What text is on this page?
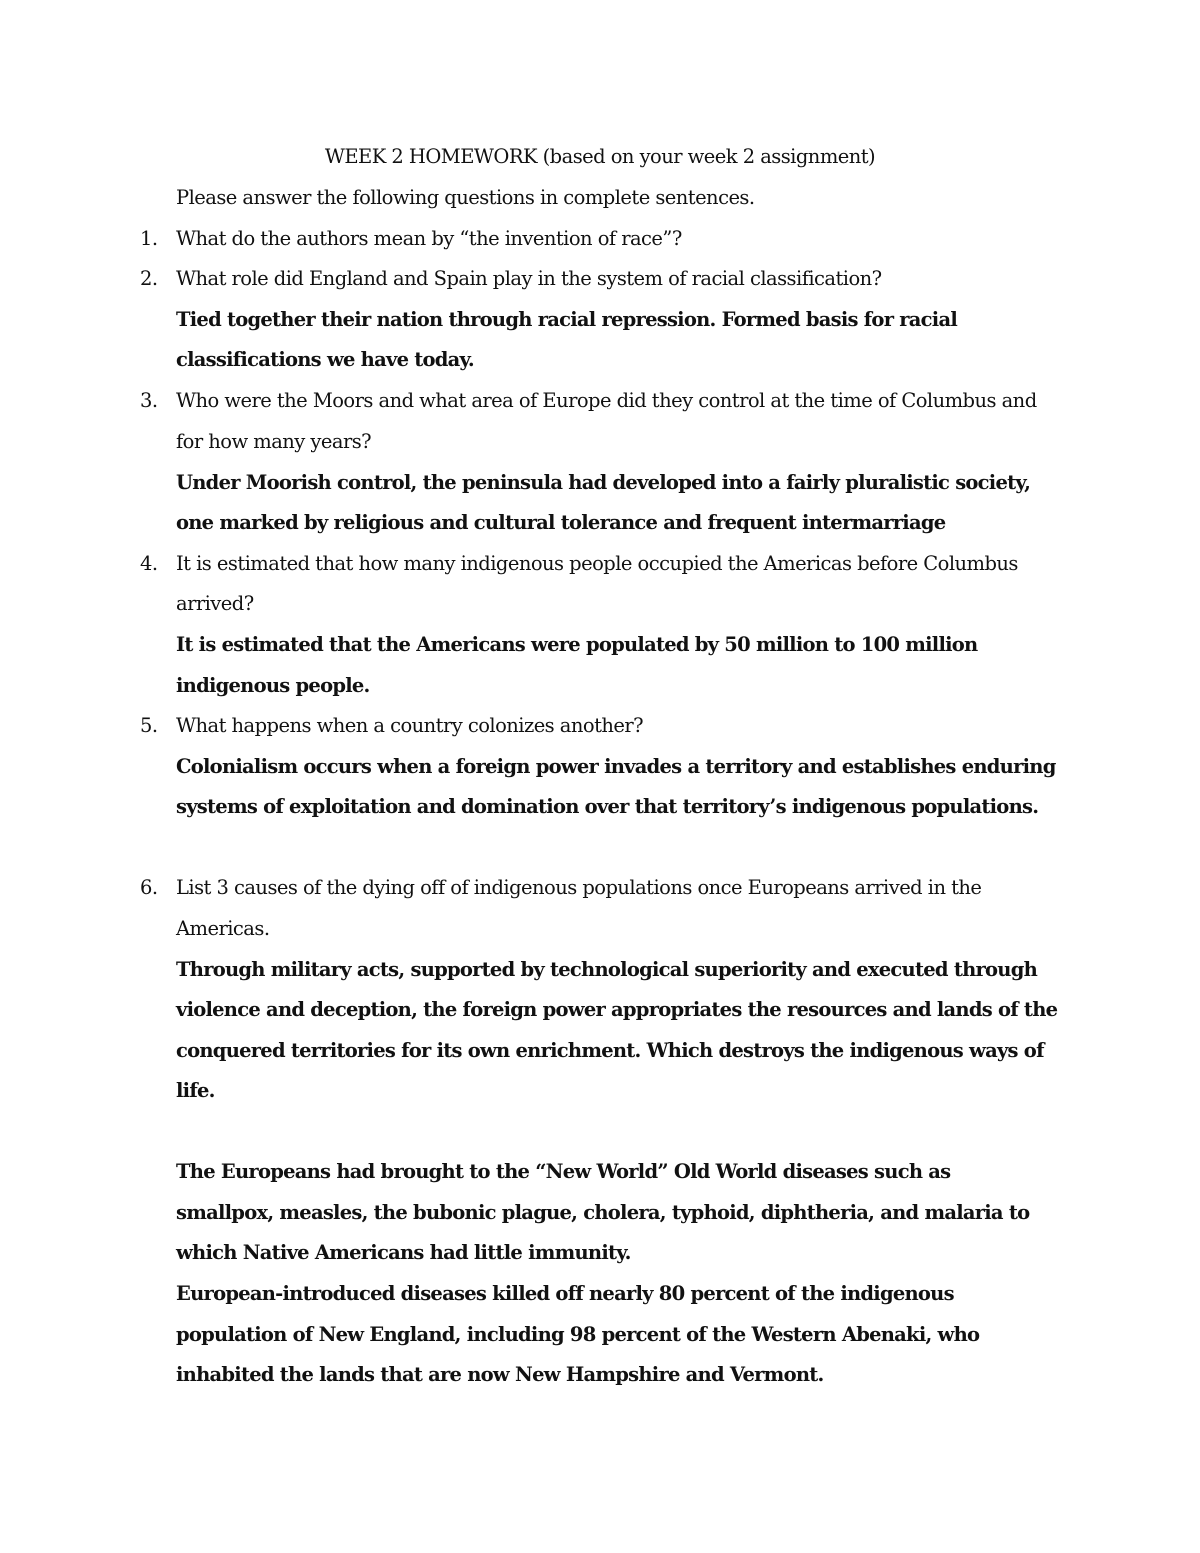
WEEK 2 HOMEWORK (based on your week 2 assignment)
Please answer the following questions in complete sentences.
1. What do the authors mean by “the invention of race”?
2. What role did England and Spain play in the system of racial classification?
Tied together their nation through racial repression. Formed basis for racial
classifications we have today.
3. Who were the Moors and what area of Europe did they control at the time of Columbus and
for how many years?
Under Moorish control, the peninsula had developed into a fairly pluralistic society,
one marked by religious and cultural tolerance and frequent intermarriage
4. It is estimated that how many indigenous people occupied the Americas before Columbus
arrived?
It is estimated that the Americans were populated by 50 million to 100 million
indigenous people.
5. What happens when a country colonizes another?
Colonialism occurs when a foreign power invades a territory and establishes enduring
systems of exploitation and domination over that territory’s indigenous populations.
6. List 3 causes of the dying off of indigenous populations once Europeans arrived in the
Americas.
Through military acts, supported by technological superiority and executed through
violence and deception, the foreign power appropriates the resources and lands of the
conquered territories for its own enrichment. Which destroys the indigenous ways of
life.
The Europeans had brought to the “New World” Old World diseases such as
smallpox, measles, the bubonic plague, cholera, typhoid, diphtheria, and malaria to
which Native Americans had little immunity.
European-introduced diseases killed off nearly 80 percent of the indigenous
population of New England, including 98 percent of the Western Abenaki, who
inhabited the lands that are now New Hampshire and Vermont.
